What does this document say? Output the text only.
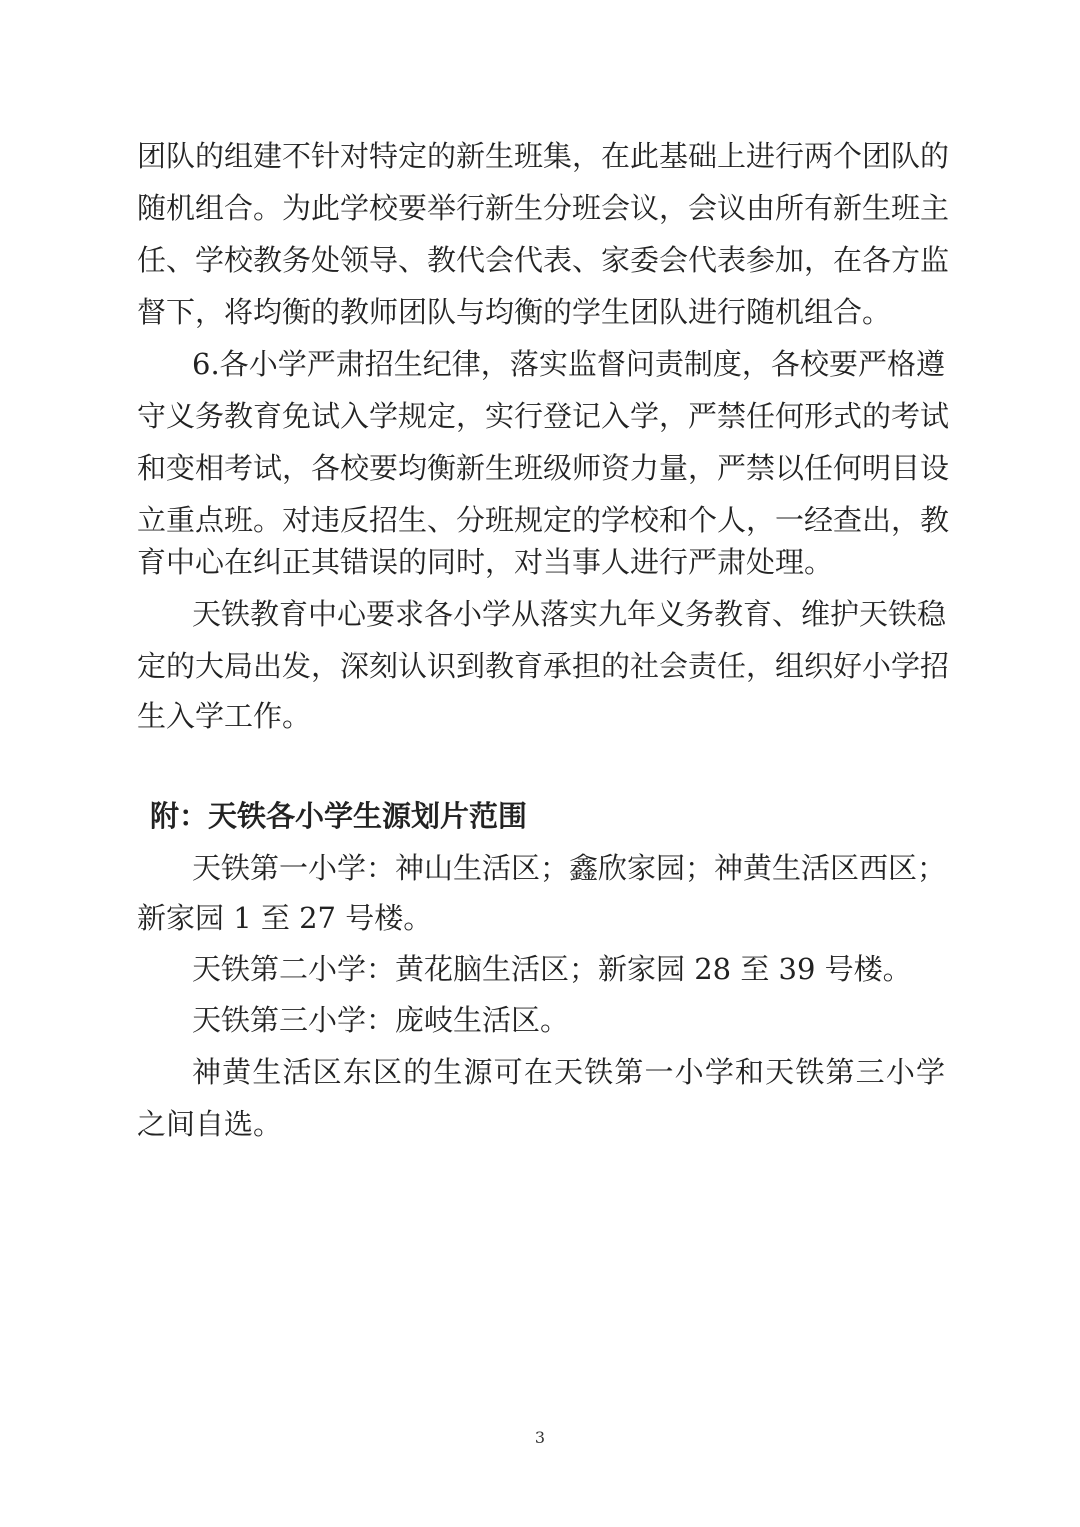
团队的组建不针对特定的新生班集，在此基础上进行两个团队的
随机组合。为此学校要举行新生分班会议，会议由所有新生班主
任、学校教务处领导、教代会代表、家委会代表参加，在各方监
督下，将均衡的教师团队与均衡的学生团队进行随机组合。
6.各小学严肃招生纪律，落实监督问责制度，各校要严格遵
守义务教育免试入学规定，实行登记入学，严禁任何形式的考试
和变相考试，各校要均衡新生班级师资力量，严禁以任何明目设
立重点班。对违反招生、分班规定的学校和个人，一经查出，教
育中心在纠正其错误的同时，对当事人进行严肃处理。
天铁教育中心要求各小学从落实九年义务教育、维护天铁稳
定的大局出发，深刻认识到教育承担的社会责任，组织好小学招
生入学工作。
附：天铁各小学生源划片范围
天铁第一小学：神山生活区；鑫欣家园；神黄生活区西区；
新家园 1 至 27 号楼。
天铁第二小学：黄花脑生活区；新家园 28 至 39 号楼。
天铁第三小学：庞岐生活区。
神黄生活区东区的生源可在天铁第一小学和天铁第三小学
之间自选。
3
